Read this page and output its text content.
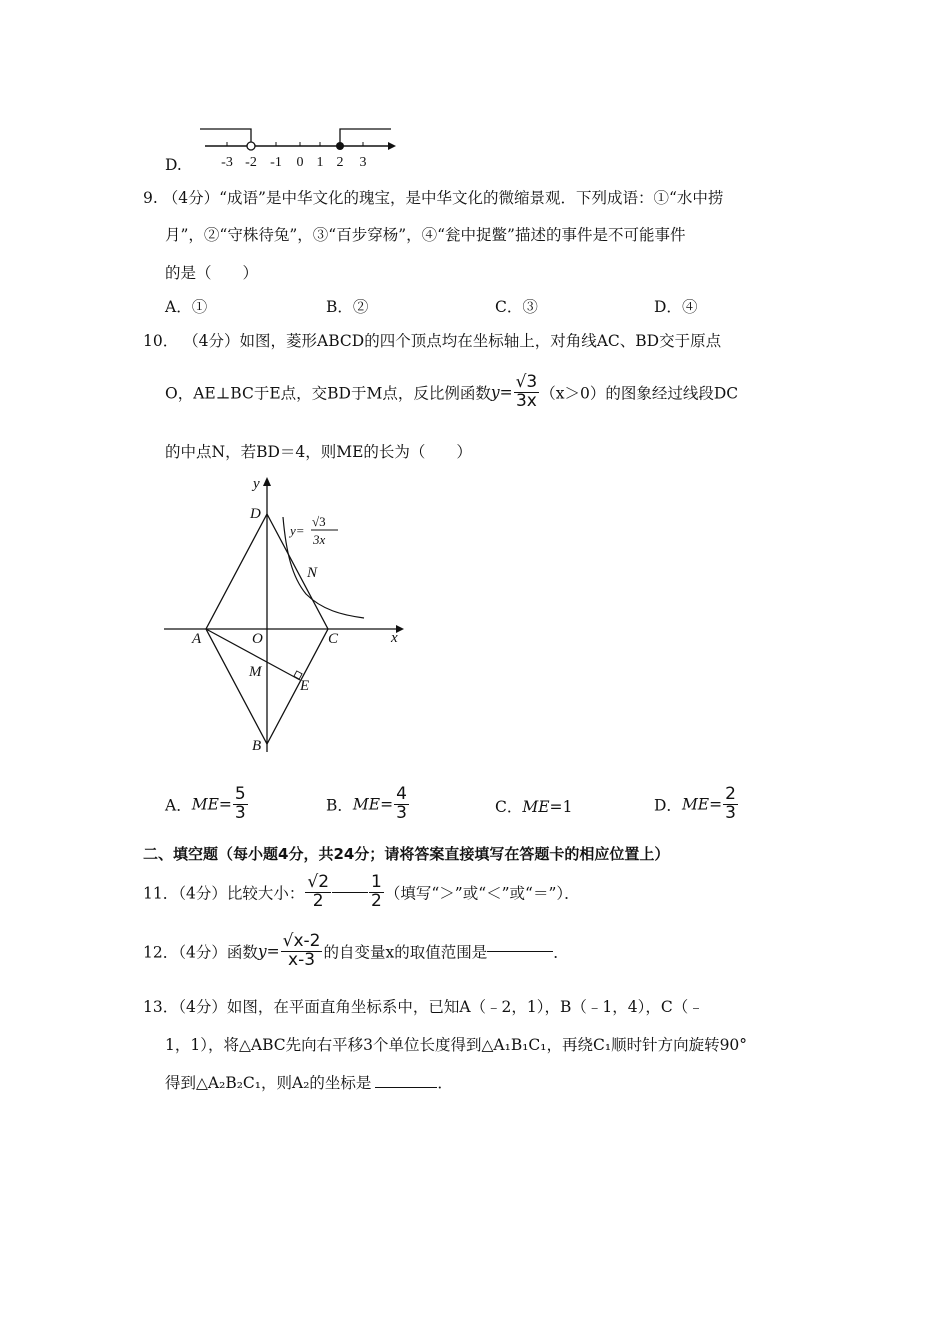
D.	-3 -2 -1 0 1 2 3
9. （4分）“成语”是中华文化的瑰宝，是中华文化的微缩景观．下列成语：①“水中捞
月”，②“守株待兔”，③“百步穿杨”，④“瓮中捉鳖”描述的事件是不可能事件
的是（　　）
A．①	B．②	C．③	D．④
10． （4分）如图，菱形ABCD的四个顶点均在坐标轴上，对角线AC、BD交于原点
O，AE⊥BC于E点，交BD于M点，反比例函数$y= \frac{√3}{3x} (x>0)$的图象经过线段DC
的中点N，若BD＝4，则ME的长为（　　）
y
x
D
N
A	O	C
M
E
B
y=
√3
3x
A．$ME= \frac{5}{3}$	B．$ME= \frac{4}{3}$	C．ME=1	D．$ME= \frac{2}{3}$
二、填空题（每小题4分，共24分；请将答案直接填写在答题卡的相应位置上）
11．（4分）比较大小： $\frac{√2}{2} \frac{1}{2}$ （填写“＞”或“＜”或“＝”）．
12．（4分）函数$y= \frac{√x-2}{x-3}$ 的自变量x的取值范围是	．
13．（4分）如图，在平面直角坐标系中，已知A（﹣2，1），B（﹣1，4），C（﹣
1，1），将△ABC先向右平移3个单位长度得到△A₁B₁C₁，再绕C₁顺时针方向旋转90°
得到△A₂B₂C₁，则A₂的坐标是	．
